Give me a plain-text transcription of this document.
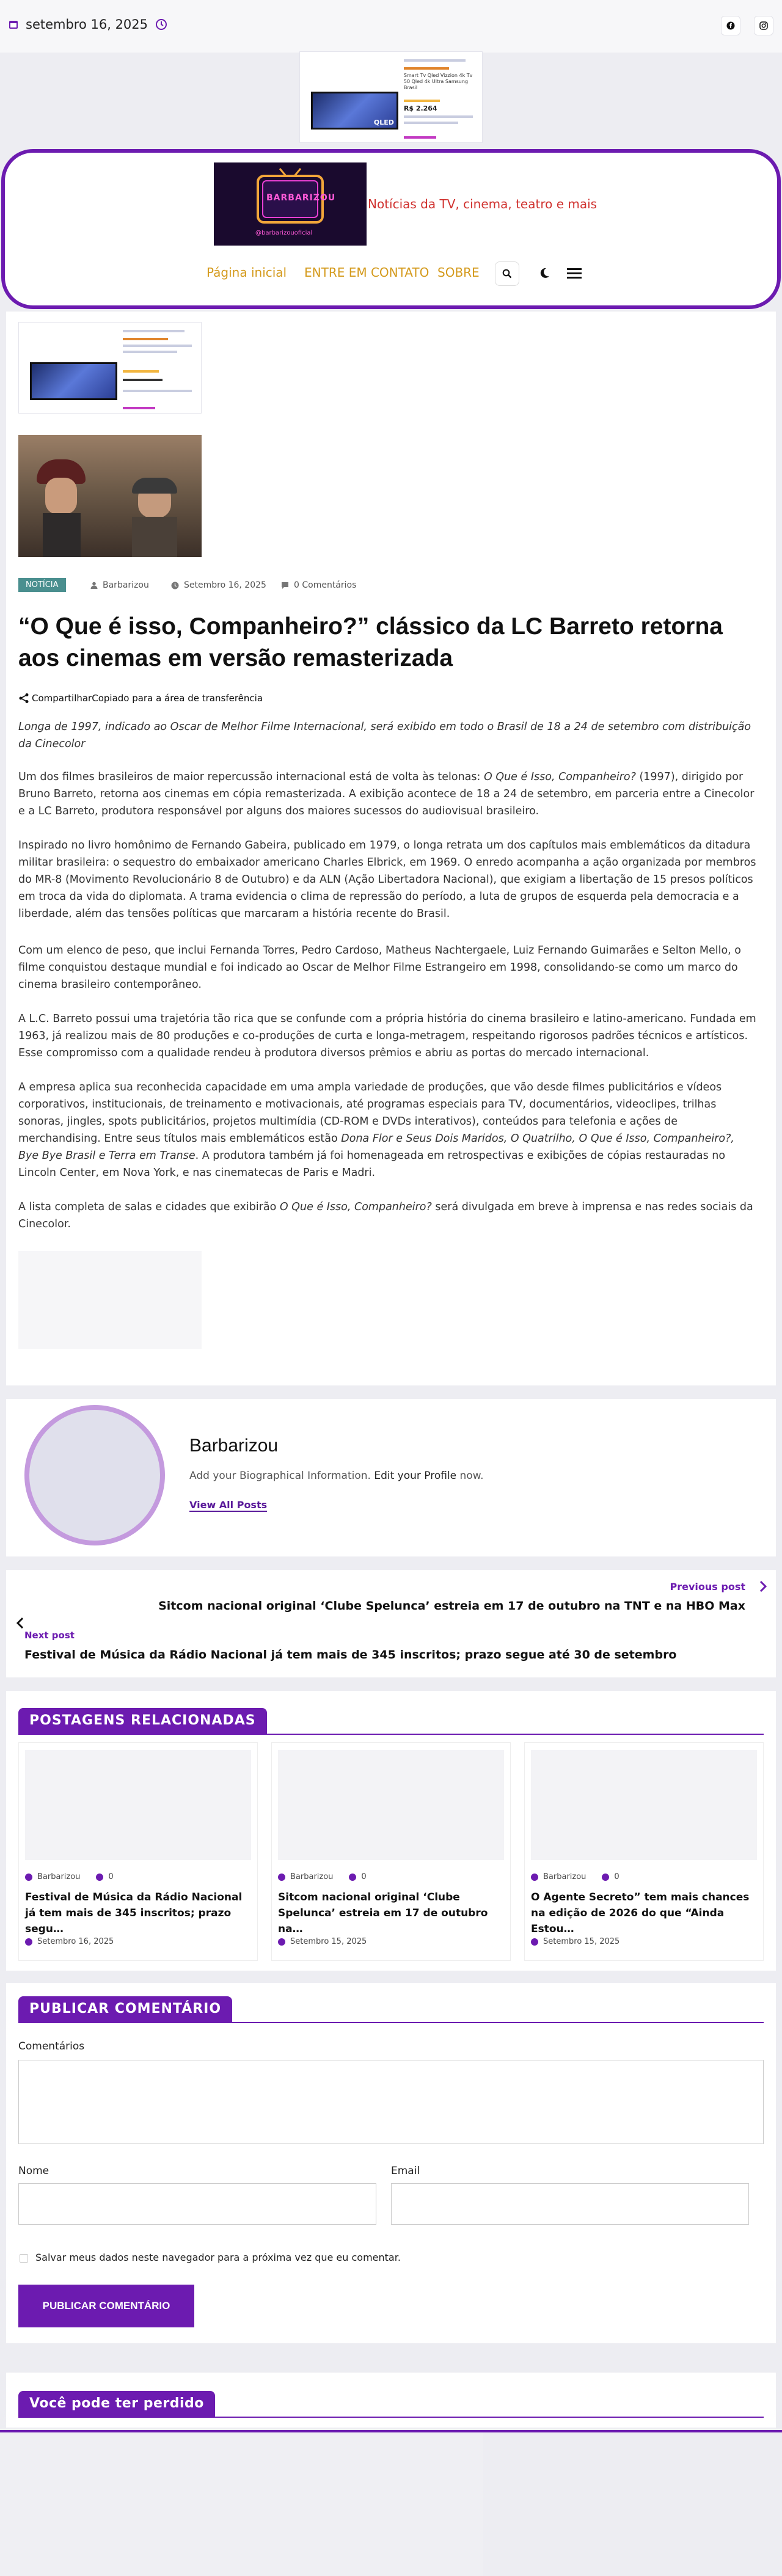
setembro 16, 2025
Smart Tv Qled Vizzion 4k Tv 50 Qled 4k Ultra Samsung Brasil
R$ 2.264
QLED
BARBARIZOU
@barbarizouoficial
Notícias da TV, cinema, teatro e mais
Página inicial ENTRE EM CONTATO SOBRE
NOTÍCIA	Barbarizou	Setembro 16, 2025	0 Comentários
“O Que é isso, Companheiro?” clássico da LC Barreto retorna aos cinemas em versão remasterizada
CompartilharCopiado para a área de transferência

Longa de 1997, indicado ao Oscar de Melhor Filme Internacional, será exibido em todo o Brasil de 18 a 24 de setembro com distribuição da Cinecolor

Um dos filmes brasileiros de maior repercussão internacional está de volta às telonas: O Que é Isso, Companheiro? (1997), dirigido por Bruno Barreto, retorna aos cinemas em cópia remasterizada. A exibição acontece de 18 a 24 de setembro, em parceria entre a Cinecolor e a LC Barreto, produtora responsável por alguns dos maiores sucessos do audiovisual brasileiro.

Inspirado no livro homônimo de Fernando Gabeira, publicado em 1979, o longa retrata um dos capítulos mais emblemáticos da ditadura militar brasileira: o sequestro do embaixador americano Charles Elbrick, em 1969. O enredo acompanha a ação organizada por membros do MR-8 (Movimento Revolucionário 8 de Outubro) e da ALN (Ação Libertadora Nacional), que exigiam a libertação de 15 presos políticos em troca da vida do diplomata. A trama evidencia o clima de repressão do período, a luta de grupos de esquerda pela democracia e a liberdade, além das tensões políticas que marcaram a história recente do Brasil.

Com um elenco de peso, que inclui Fernanda Torres, Pedro Cardoso, Matheus Nachtergaele, Luiz Fernando Guimarães e Selton Mello, o filme conquistou destaque mundial e foi indicado ao Oscar de Melhor Filme Estrangeiro em 1998, consolidando-se como um marco do cinema brasileiro contemporâneo.

A L.C. Barreto possui uma trajetória tão rica que se confunde com a própria história do cinema brasileiro e latino-americano. Fundada em 1963, já realizou mais de 80 produções e co-produções de curta e longa-metragem, respeitando rigorosos padrões técnicos e artísticos. Esse compromisso com a qualidade rendeu à produtora diversos prêmios e abriu as portas do mercado internacional.

A empresa aplica sua reconhecida capacidade em uma ampla variedade de produções, que vão desde filmes publicitários e vídeos corporativos, institucionais, de treinamento e motivacionais, até programas especiais para TV, documentários, videoclipes, trilhas sonoras, jingles, spots publicitários, projetos multimídia (CD-ROM e DVDs interativos), conteúdos para telefonia e ações de merchandising. Entre seus títulos mais emblemáticos estão Dona Flor e Seus Dois Maridos, O Quatrilho, O Que é Isso, Companheiro?, Bye Bye Brasil e Terra em Transe. A produtora também já foi homenageada em retrospectivas e exibições de cópias restauradas no Lincoln Center, em Nova York, e nas cinematecas de Paris e Madri.

A lista completa de salas e cidades que exibirão O Que é Isso, Companheiro? será divulgada em breve à imprensa e nas redes sociais da Cinecolor.

Barbarizou
Add your Biographical Information. Edit your Profile now.
View All Posts
Previous post
Sitcom nacional original ‘Clube Spelunca’ estreia em 17 de outubro na TNT e na HBO Max
Next post
Festival de Música da Rádio Nacional já tem mais de 345 inscritos; prazo segue até 30 de setembro
POSTAGENS RELACIONADAS
Barbarizou	0
Festival de Música da Rádio Nacional já tem mais de 345 inscritos; prazo segu…
Setembro 16, 2025
Barbarizou	0
Sitcom nacional original ‘Clube Spelunca’ estreia em 17 de outubro na…
Setembro 15, 2025
Barbarizou	0
O Agente Secreto” tem mais chances na edição de 2026 do que “Ainda Estou…
Setembro 15, 2025
PUBLICAR COMENTÁRIO
Comentários
Nome	Email
Salvar meus dados neste navegador para a próxima vez que eu comentar.
PUBLICAR COMENTÁRIO
Você pode ter perdido
